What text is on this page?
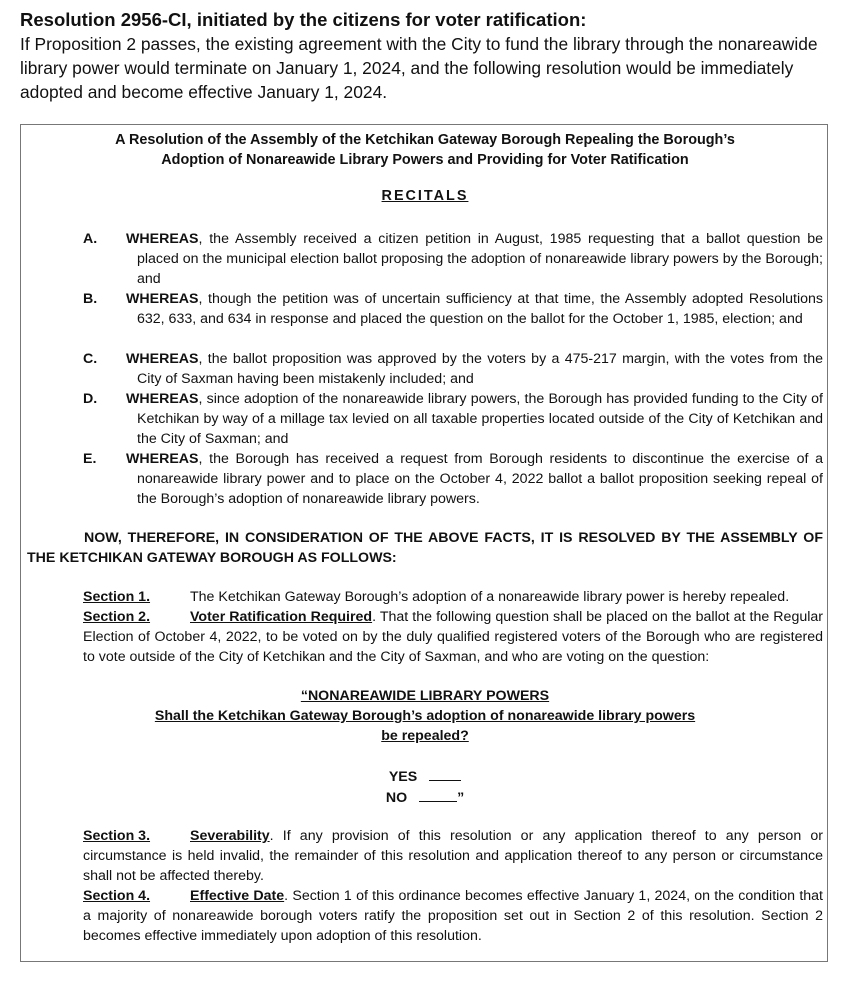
Resolution 2956-CI, initiated by the citizens for voter ratification:
If Proposition 2 passes, the existing agreement with the City to fund the library through the nonareawide library power would terminate on January 1, 2024, and the following resolution would be immediately adopted and become effective January 1, 2024.
A Resolution of the Assembly of the Ketchikan Gateway Borough Repealing the Borough’s
Adoption of Nonareawide Library Powers and Providing for Voter Ratification
RECITALS
A. WHEREAS, the Assembly received a citizen petition in August, 1985 requesting that a ballot question be placed on the municipal election ballot proposing the adoption of nonareawide library powers by the Borough; and
B. WHEREAS, though the petition was of uncertain sufficiency at that time, the Assembly adopted Resolutions 632, 633, and 634 in response and placed the question on the ballot for the October 1, 1985, election; and
C. WHEREAS, the ballot proposition was approved by the voters by a 475-217 margin, with the votes from the City of Saxman having been mistakenly included; and
D. WHEREAS, since adoption of the nonareawide library powers, the Borough has provided funding to the City of Ketchikan by way of a millage tax levied on all taxable properties located outside of the City of Ketchikan and the City of Saxman; and
E. WHEREAS, the Borough has received a request from Borough residents to discontinue the exercise of a nonareawide library power and to place on the October 4, 2022 ballot a ballot proposition seeking repeal of the Borough’s adoption of nonareawide library powers.
NOW, THEREFORE, IN CONSIDERATION OF THE ABOVE FACTS, IT IS RESOLVED BY THE ASSEMBLY OF THE KETCHIKAN GATEWAY BOROUGH AS FOLLOWS:
Section 1.	The Ketchikan Gateway Borough’s adoption of a nonareawide library power is hereby repealed.
Section 2.	Voter Ratification Required. That the following question shall be placed on the ballot at the Regular Election of October 4, 2022, to be voted on by the duly qualified registered voters of the Borough who are registered to vote outside of the City of Ketchikan and the City of Saxman, and who are voting on the question:
“NONAREAWIDE LIBRARY POWERS
Shall the Ketchikan Gateway Borough’s adoption of nonareawide library powers
be repealed?
YES
NO	”
Section 3.	Severability. If any provision of this resolution or any application thereof to any person or circumstance is held invalid, the remainder of this resolution and application thereof to any person or circumstance shall not be affected thereby.
Section 4.	Effective Date. Section 1 of this ordinance becomes effective January 1, 2024, on the condition that a majority of nonareawide borough voters ratify the proposition set out in Section 2 of this resolution. Section 2 becomes effective immediately upon adoption of this resolution.
